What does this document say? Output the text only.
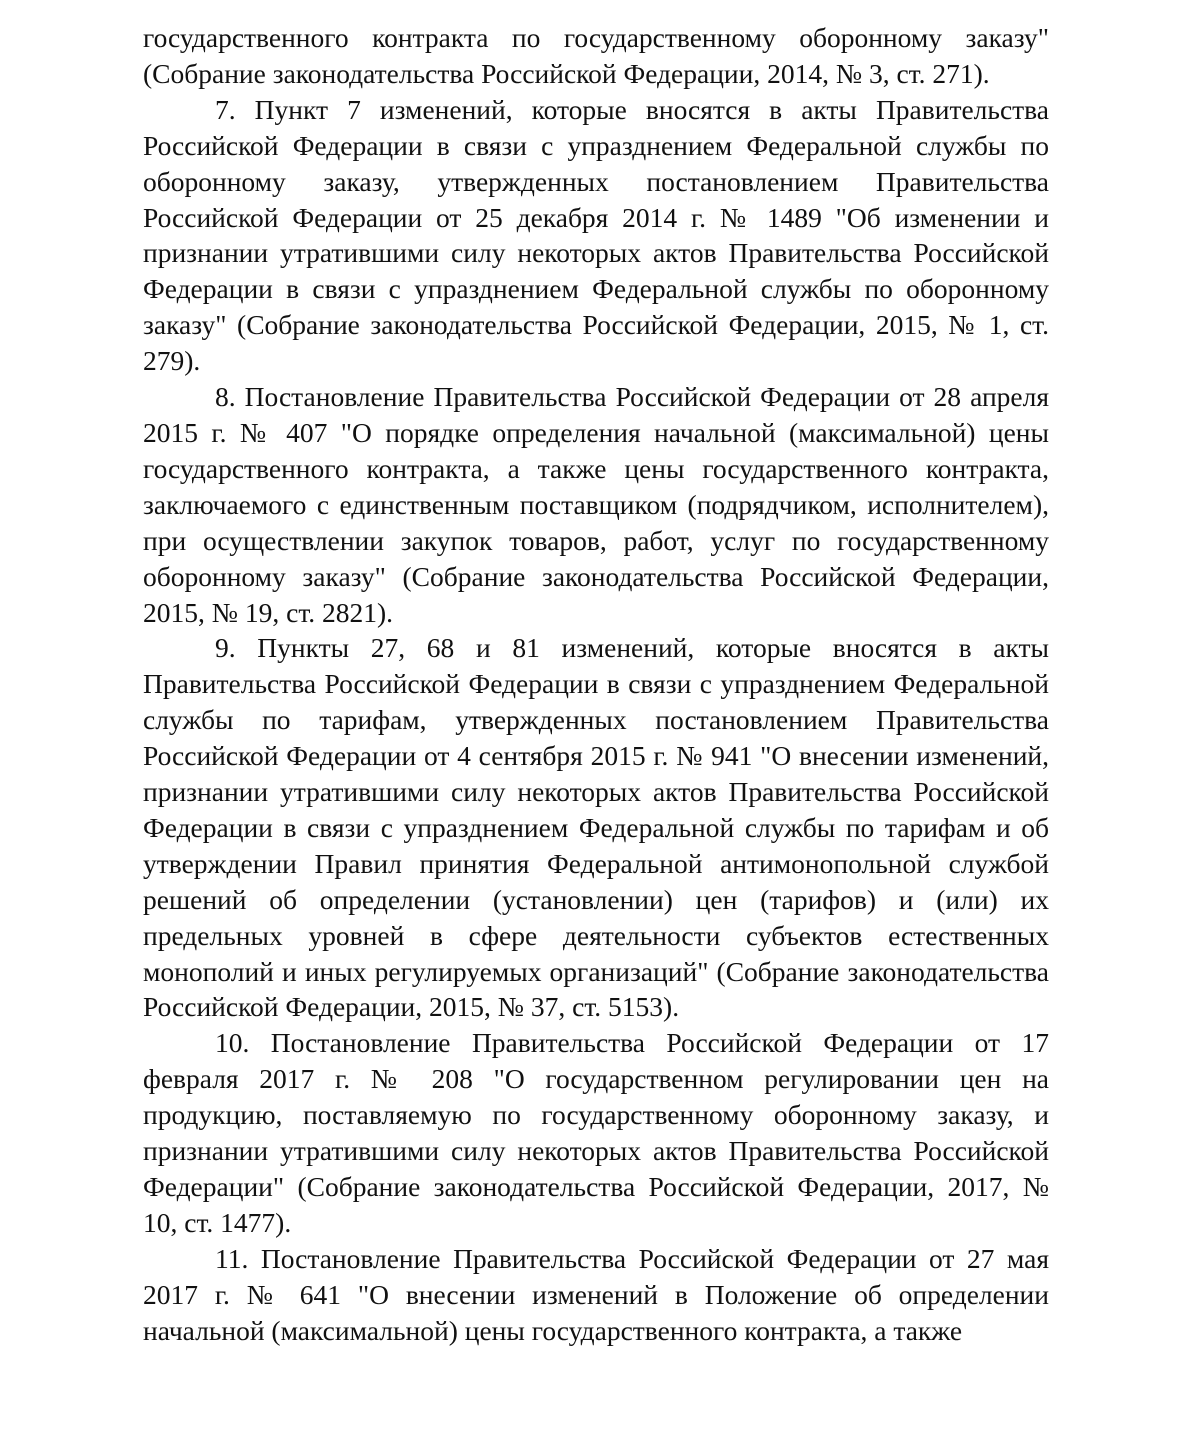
государственного контракта по государственному оборонному заказу" (Собрание законодательства Российской Федерации, 2014, № 3, ст. 271).

7. Пункт 7 изменений, которые вносятся в акты Правительства Российской Федерации в связи с упразднением Федеральной службы по оборонному заказу, утвержденных постановлением Правительства Российской Федерации от 25 декабря 2014 г. № 1489 "Об изменении и признании утратившими силу некоторых актов Правительства Российской Федерации в связи с упразднением Федеральной службы по оборонному заказу" (Собрание законодательства Российской Федерации, 2015, № 1, ст. 279).

8. Постановление Правительства Российской Федерации от 28 апреля 2015 г. № 407 "О порядке определения начальной (максимальной) цены государственного контракта, а также цены государственного контракта, заключаемого с единственным поставщиком (подрядчиком, исполнителем), при осуществлении закупок товаров, работ, услуг по государственному оборонному заказу" (Собрание законодательства Российской Федерации, 2015, № 19, ст. 2821).

9. Пункты 27, 68 и 81 изменений, которые вносятся в акты Правительства Российской Федерации в связи с упразднением Федеральной службы по тарифам, утвержденных постановлением Правительства Российской Федерации от 4 сентября 2015 г. № 941 "О внесении изменений, признании утратившими силу некоторых актов Правительства Российской Федерации в связи с упразднением Федеральной службы по тарифам и об утверждении Правил принятия Федеральной антимонопольной службой решений об определении (установлении) цен (тарифов) и (или) их предельных уровней в сфере деятельности субъектов естественных монополий и иных регулируемых организаций" (Собрание законодательства Российской Федерации, 2015, № 37, ст. 5153).

10. Постановление Правительства Российской Федерации от 17 февраля 2017 г. № 208 "О государственном регулировании цен на продукцию, поставляемую по государственному оборонному заказу, и признании утратившими силу некоторых актов Правительства Российской Федерации" (Собрание законодательства Российской Федерации, 2017, № 10, ст. 1477).

11. Постановление Правительства Российской Федерации от 27 мая 2017 г. № 641 "О внесении изменений в Положение об определении начальной (максимальной) цены государственного контракта, а также
